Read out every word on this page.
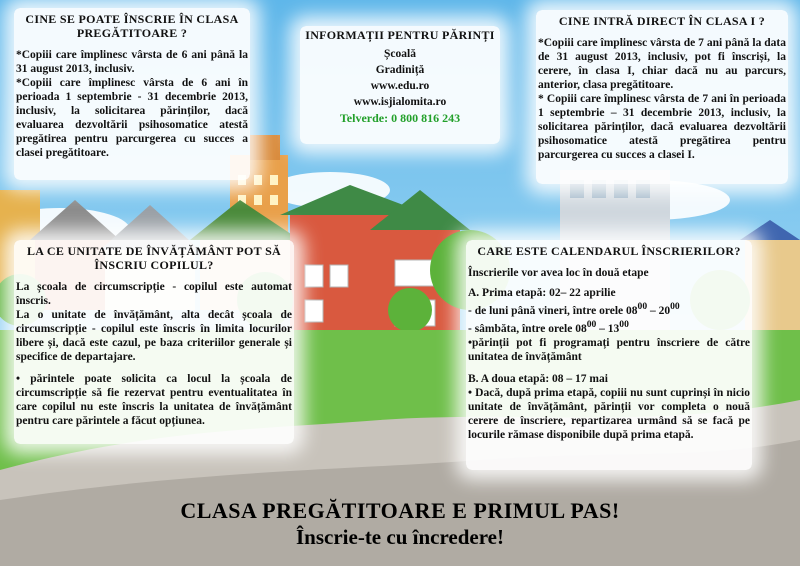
CINE SE POATE ÎNSCRIE ÎN CLASA PREGĂTITOARE ?

*Copiii care împlinesc vârsta de 6 ani până la 31 august 2013, inclusiv.

*Copiii care împlinesc vârsta de 6 ani în perioada 1 septembrie - 31 decembrie 2013, inclusiv, la solicitarea părinților, dacă evaluarea dezvoltării psihosomatice atestă pregătirea pentru parcurgerea cu succes a clasei pregătitoare.

INFORMAȚII PENTRU PĂRINȚI
Școală
Gradiniță
www.edu.ro
www.isjialomita.ro
Telverde: 0 800 816 243
CINE INTRĂ DIRECT ÎN CLASA I ?

*Copiii care împlinesc vârsta de 7 ani până la data de 31 august 2013, inclusiv, pot fi înscriși, la cerere, în clasa I, chiar dacă nu au parcurs, anterior, clasa pregătitoare.

* Copiii care împlinesc vârsta de 7 ani în perioada 1 septembrie – 31 decembrie 2013, inclusiv, la solicitarea părinților, dacă evaluarea dezvoltării psihosomatice atestă pregătirea pentru parcurgerea cu succes a clasei I.

LA CE UNITATE DE ÎNVĂȚĂMÂNT POT SĂ ÎNSCRIU COPILUL?

La școala de circumscripție - copilul este automat înscris.

La o unitate de învățământ, alta decât școala de circumscripție - copilul este înscris în limita locurilor libere și, dacă este cazul, pe baza criteriilor generale și specifice de departajare.

• părintele poate solicita ca locul la școala de circumscripție să fie rezervat pentru eventualitatea în care copilul nu este înscris la unitatea de învățământ pentru care părintele a făcut opțiunea.

CARE ESTE CALENDARUL ÎNSCRIERILOR?

Înscrierile vor avea loc în două etape

A. Prima etapă: 02– 22 aprilie

- de luni până vineri, între orele $08^{00} - 20^{00}$

- sâmbăta, între orele $08^{00} - 13^{00}$

•părinții pot fi programați pentru înscriere de către unitatea de învățământ

B. A doua etapă: 08 – 17 mai

• Dacă, după prima etapă, copiii nu sunt cuprinși în nicio unitate de învățământ, părinții vor completa o nouă cerere de înscriere, repartizarea urmând să se facă pe locurile rămase disponibile după prima etapă.

CLASA PREGĂTITOARE E PRIMUL PAS!
Înscrie-te cu încredere!
